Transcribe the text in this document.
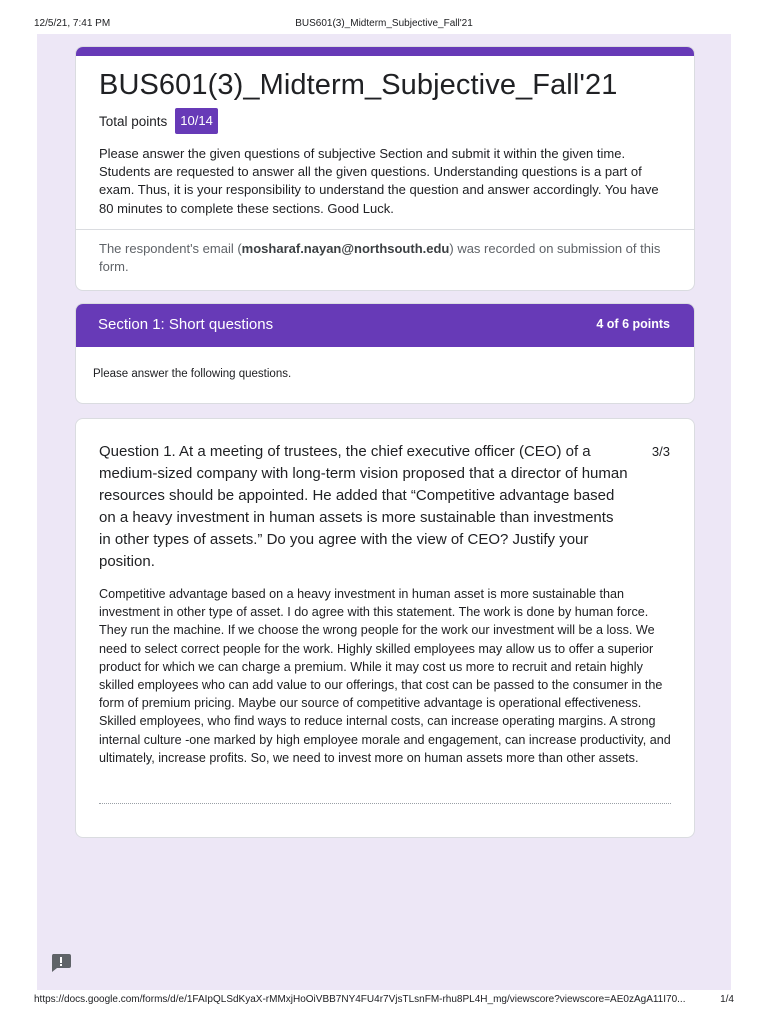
12/5/21, 7:41 PM	BUS601(3)_Midterm_Subjective_Fall'21
BUS601(3)_Midterm_Subjective_Fall'21
Total points	10/14
Please answer the given questions of subjective Section and submit it within the given time. Students are requested to answer all the given questions. Understanding questions is a part of exam. Thus, it is your responsibility to understand the question and answer accordingly. You have 80 minutes to complete these sections. Good Luck.
The respondent's email (mosharaf.nayan@northsouth.edu) was recorded on submission of this form.
Section 1: Short questions	4 of 6 points
Please answer the following questions.
Question 1. At a meeting of trustees, the chief executive officer (CEO) of a medium-sized company with long-term vision proposed that a director of human resources should be appointed. He added that “Competitive advantage based on a heavy investment in human assets is more sustainable than investments in other types of assets.” Do you agree with the view of CEO? Justify your position.
3/3
Competitive advantage based on a heavy investment in human asset is more sustainable than investment in other type of asset. I do agree with this statement. The work is done by human force. They run the machine. If we choose the wrong people for the work our investment will be a loss. We need to select correct people for the work. Highly skilled employees may allow us to offer a superior product for which we can charge a premium. While it may cost us more to recruit and retain highly skilled employees who can add value to our offerings, that cost can be passed to the consumer in the form of premium pricing. Maybe our source of competitive advantage is operational effectiveness. Skilled employees, who find ways to reduce internal costs, can increase operating margins. A strong internal culture -one marked by high employee morale and engagement, can increase productivity, and ultimately, increase profits. So, we need to invest more on human assets more than other assets.
https://docs.google.com/forms/d/e/1FAIpQLSdKyaX-rMMxjHoOiVBB7NY4FU4r7VjsTLsnFM-rhu8PL4H_mg/viewscore?viewscore=AE0zAgA11I70...	1/4
